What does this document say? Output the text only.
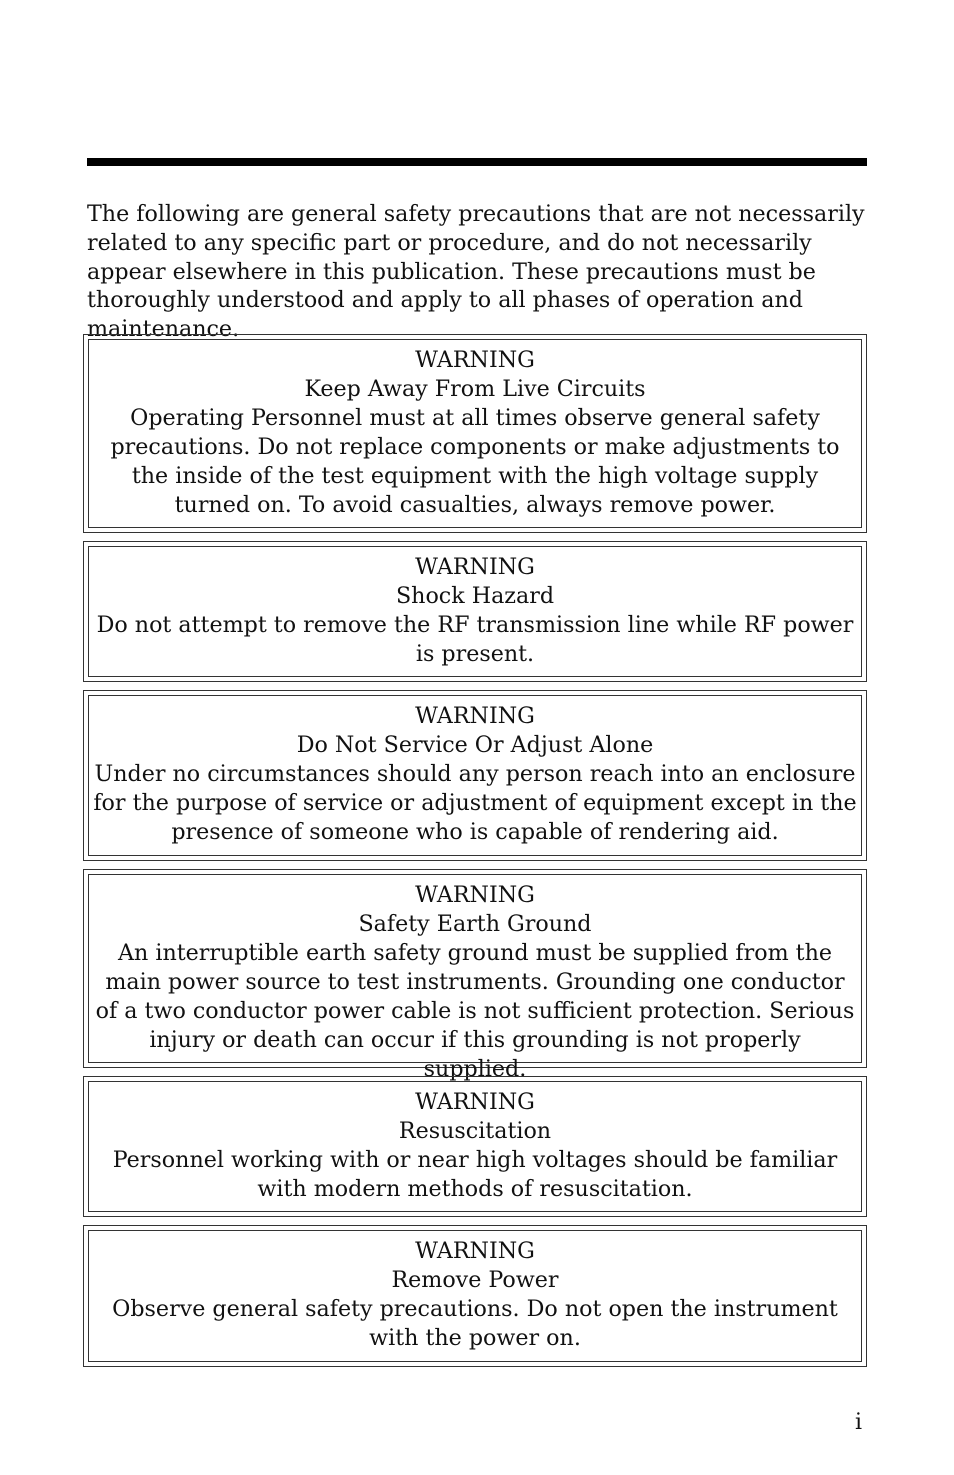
The following are general safety precautions that are not necessarily related to any specific part or procedure, and do not necessarily appear elsewhere in this publication. These precautions must be thoroughly understood and apply to all phases of operation and maintenance.

WARNING
Keep Away From Live Circuits
Operating Personnel must at all times observe general safety precautions. Do not replace components or make adjustments to the inside of the test equipment with the high voltage supply turned on. To avoid casualties, always remove power.
WARNING
Shock Hazard
Do not attempt to remove the RF transmission line while RF power is present.
WARNING
Do Not Service Or Adjust Alone
Under no circumstances should any person reach into an enclosure for the purpose of service or adjustment of equipment except in the presence of someone who is capable of rendering aid.
WARNING
Safety Earth Ground
An interruptible earth safety ground must be supplied from the main power source to test instruments. Grounding one conductor of a two conductor power cable is not sufficient protection. Serious injury or death can occur if this grounding is not properly supplied.
WARNING
Resuscitation
Personnel working with or near high voltages should be familiar with modern methods of resuscitation.
WARNING
Remove Power
Observe general safety precautions. Do not open the instrument with the power on.
i
